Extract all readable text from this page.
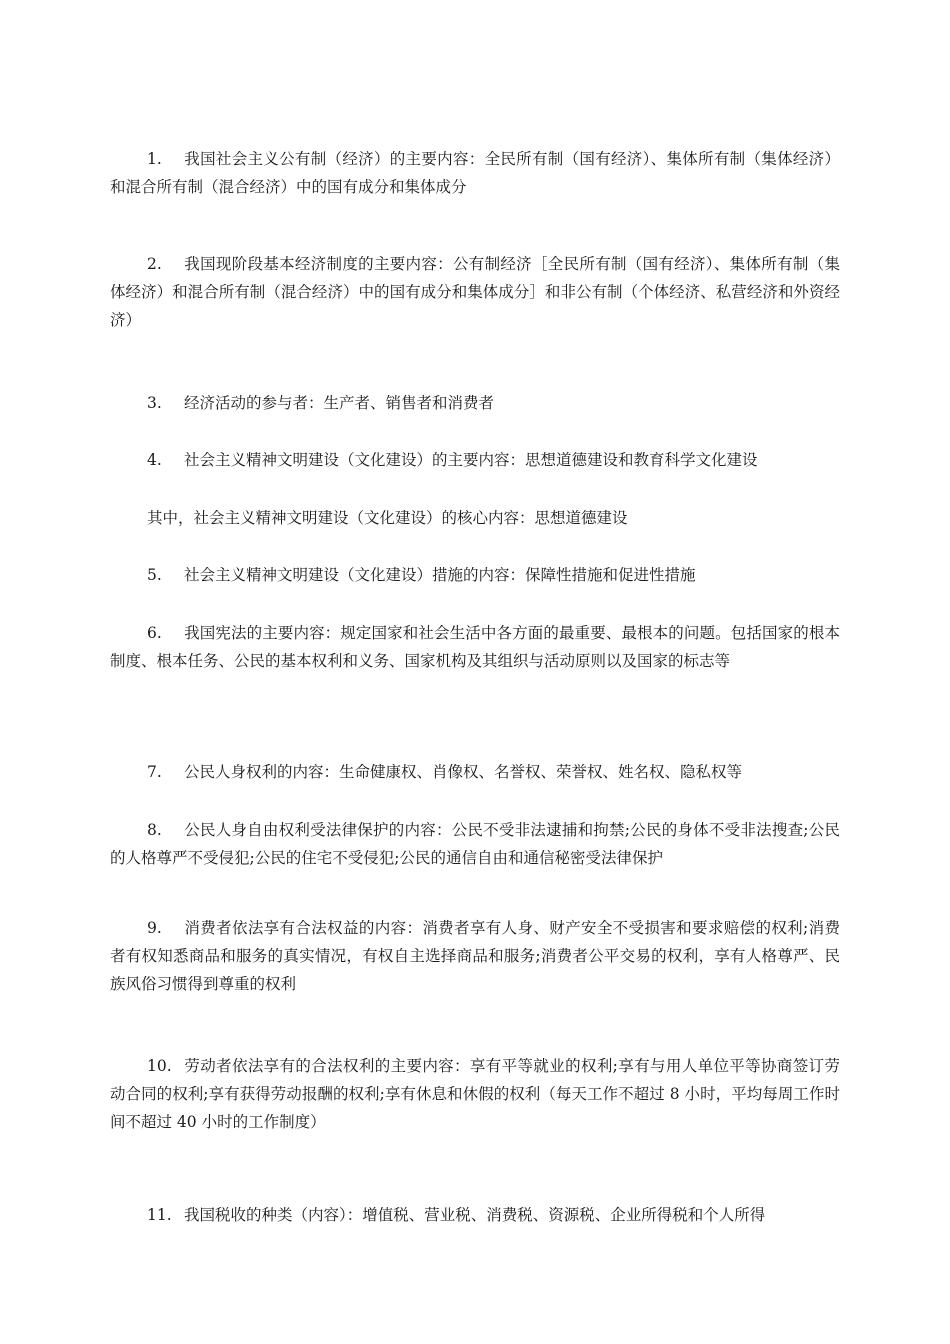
1. 我国社会主义公有制（经济）的主要内容：全民所有制（国有经济）、集体所有制（集体经济）和混合所有制（混合经济）中的国有成分和集体成分

2. 我国现阶段基本经济制度的主要内容：公有制经济［全民所有制（国有经济）、集体所有制（集体经济）和混合所有制（混合经济）中的国有成分和集体成分］和非公有制（个体经济、私营经济和外资经济）

3. 经济活动的参与者：生产者、销售者和消费者

4. 社会主义精神文明建设（文化建设）的主要内容：思想道德建设和教育科学文化建设

其中，社会主义精神文明建设（文化建设）的核心内容：思想道德建设

5. 社会主义精神文明建设（文化建设）措施的内容：保障性措施和促进性措施

6. 我国宪法的主要内容：规定国家和社会生活中各方面的最重要、最根本的问题。包括国家的根本制度、根本任务、公民的基本权利和义务、国家机构及其组织与活动原则以及国家的标志等

7. 公民人身权利的内容：生命健康权、肖像权、名誉权、荣誉权、姓名权、隐私权等

8. 公民人身自由权利受法律保护的内容：公民不受非法逮捕和拘禁;公民的身体不受非法搜查;公民的人格尊严不受侵犯;公民的住宅不受侵犯;公民的通信自由和通信秘密受法律保护

9. 消费者依法享有合法权益的内容：消费者享有人身、财产安全不受损害和要求赔偿的权利;消费者有权知悉商品和服务的真实情况，有权自主选择商品和服务;消费者公平交易的权利，享有人格尊严、民族风俗习惯得到尊重的权利

10. 劳动者依法享有的合法权利的主要内容：享有平等就业的权利;享有与用人单位平等协商签订劳动合同的权利;享有获得劳动报酬的权利;享有休息和休假的权利（每天工作不超过 8 小时，平均每周工作时间不超过 40 小时的工作制度）

11. 我国税收的种类（内容）：增值税、营业税、消费税、资源税、企业所得税和个人所得
